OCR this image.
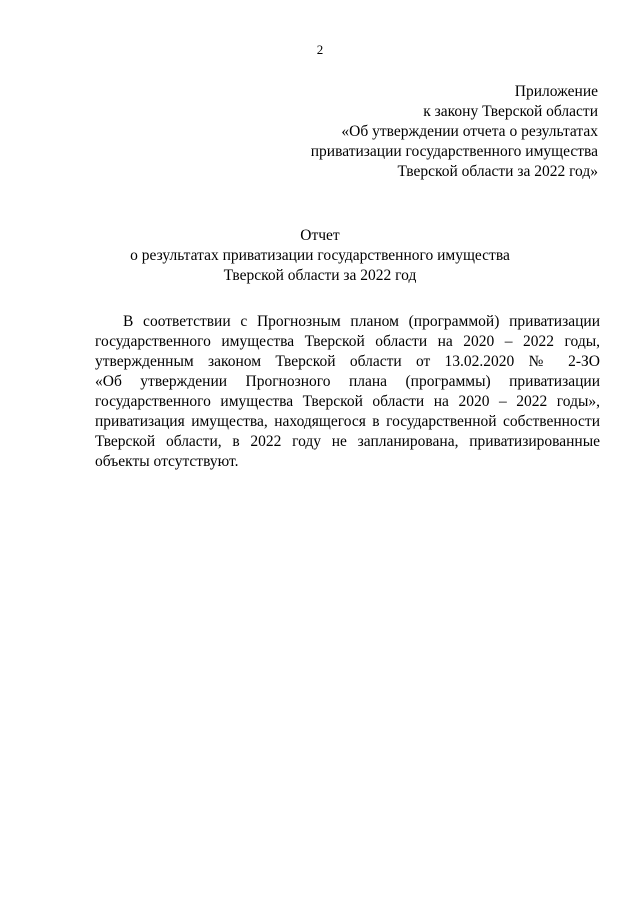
2
Приложение
к закону Тверской области
«Об утверждении отчета о результатах
приватизации государственного имущества
Тверской области за 2022 год»
Отчет
о результатах приватизации государственного имущества
Тверской области за 2022 год
В соответствии с Прогнозным планом (программой) приватизации
государственного имущества Тверской области на 2020 – 2022 годы,
утвержденным законом Тверской области от 13.02.2020 № 2-ЗО
«Об утверждении Прогнозного плана (программы) приватизации
государственного имущества Тверской области на 2020 – 2022 годы»,
приватизация имущества, находящегося в государственной собственности
Тверской области, в 2022 году не запланирована, приватизированные
объекты отсутствуют.
